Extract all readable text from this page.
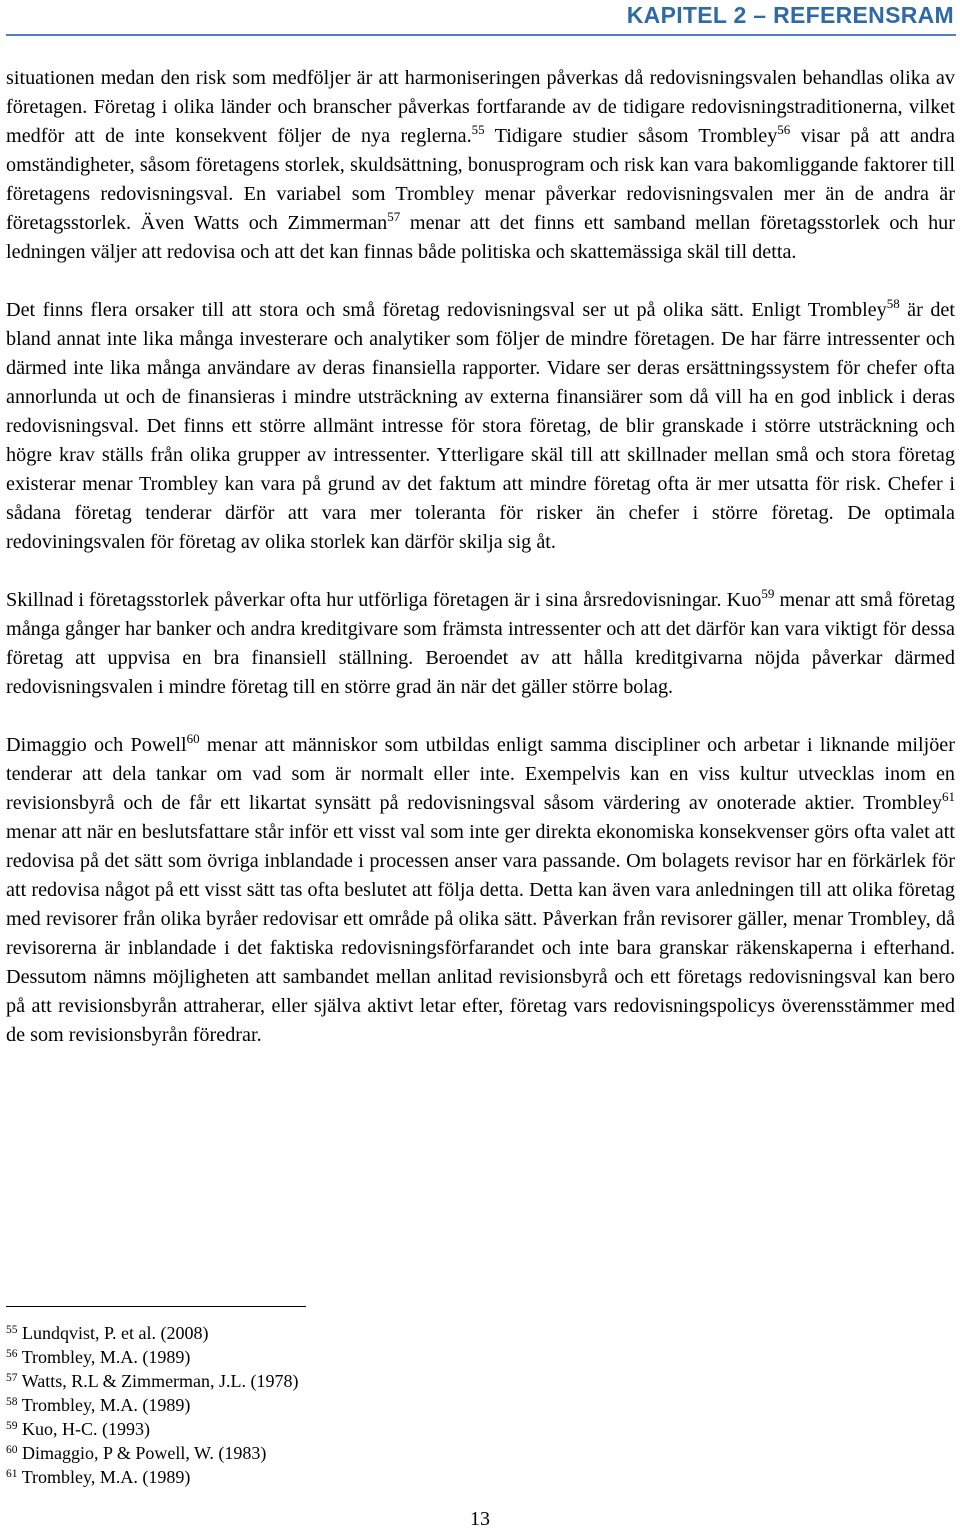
KAPITEL 2 – REFERENSRAM

situationen medan den risk som medföljer är att harmoniseringen påverkas då redovisningsvalen behandlas olika av företagen. Företag i olika länder och branscher påverkas fortfarande av de tidigare redovisningstraditionerna, vilket medför att de inte konsekvent följer de nya reglerna.$^{55}$ Tidigare studier såsom Trombley$^{56}$ visar på att andra omständigheter, såsom företagens storlek, skuldsättning, bonusprogram och risk kan vara bakomliggande faktorer till företagens redovisningsval. En variabel som Trombley menar påverkar redovisningsvalen mer än de andra är företagsstorlek. Även Watts och Zimmerman$^{57}$ menar att det finns ett samband mellan företagsstorlek och hur ledningen väljer att redovisa och att det kan finnas både politiska och skattemässiga skäl till detta.

Det finns flera orsaker till att stora och små företag redovisningsval ser ut på olika sätt. Enligt Trombley$^{58}$ är det bland annat inte lika många investerare och analytiker som följer de mindre företagen. De har färre intressenter och därmed inte lika många användare av deras finansiella rapporter. Vidare ser deras ersättningssystem för chefer ofta annorlunda ut och de finansieras i mindre utsträckning av externa finansiärer som då vill ha en god inblick i deras redovisningsval. Det finns ett större allmänt intresse för stora företag, de blir granskade i större utsträckning och högre krav ställs från olika grupper av intressenter. Ytterligare skäl till att skillnader mellan små och stora företag existerar menar Trombley kan vara på grund av det faktum att mindre företag ofta är mer utsatta för risk. Chefer i sådana företag tenderar därför att vara mer toleranta för risker än chefer i större företag. De optimala redoviningsvalen för företag av olika storlek kan därför skilja sig åt.

Skillnad i företagsstorlek påverkar ofta hur utförliga företagen är i sina årsredovisningar. Kuo$^{59}$ menar att små företag många gånger har banker och andra kreditgivare som främsta intressenter och att det därför kan vara viktigt för dessa företag att uppvisa en bra finansiell ställning. Beroendet av att hålla kreditgivarna nöjda påverkar därmed redovisningsvalen i mindre företag till en större grad än när det gäller större bolag.

Dimaggio och Powell$^{60}$ menar att människor som utbildas enligt samma discipliner och arbetar i liknande miljöer tenderar att dela tankar om vad som är normalt eller inte. Exempelvis kan en viss kultur utvecklas inom en revisionsbyrå och de får ett likartat synsätt på redovisningsval såsom värdering av onoterade aktier. Trombley$^{61}$ menar att när en beslutsfattare står inför ett visst val som inte ger direkta ekonomiska konsekvenser görs ofta valet att redovisa på det sätt som övriga inblandade i processen anser vara passande. Om bolagets revisor har en förkärlek för att redovisa något på ett visst sätt tas ofta beslutet att följa detta. Detta kan även vara anledningen till att olika företag med revisorer från olika byråer redovisar ett område på olika sätt. Påverkan från revisorer gäller, menar Trombley, då revisorerna är inblandade i det faktiska redovisningsförfarandet och inte bara granskar räkenskaperna i efterhand. Dessutom nämns möjligheten att sambandet mellan anlitad revisionsbyrå och ett företags redovisningsval kan bero på att revisionsbyrån attraherar, eller själva aktivt letar efter, företag vars redovisningspolicys överensstämmer med de som revisionsbyrån föredrar.

$^{55}$ Lundqvist, P. et al. (2008)

$^{56}$ Trombley, M.A. (1989)

$^{57}$ Watts, R.L & Zimmerman, J.L. (1978)

$^{58}$ Trombley, M.A. (1989)

$^{59}$ Kuo, H-C. (1993)

$^{60}$ Dimaggio, P & Powell, W. (1983)

$^{61}$ Trombley, M.A. (1989)

13
